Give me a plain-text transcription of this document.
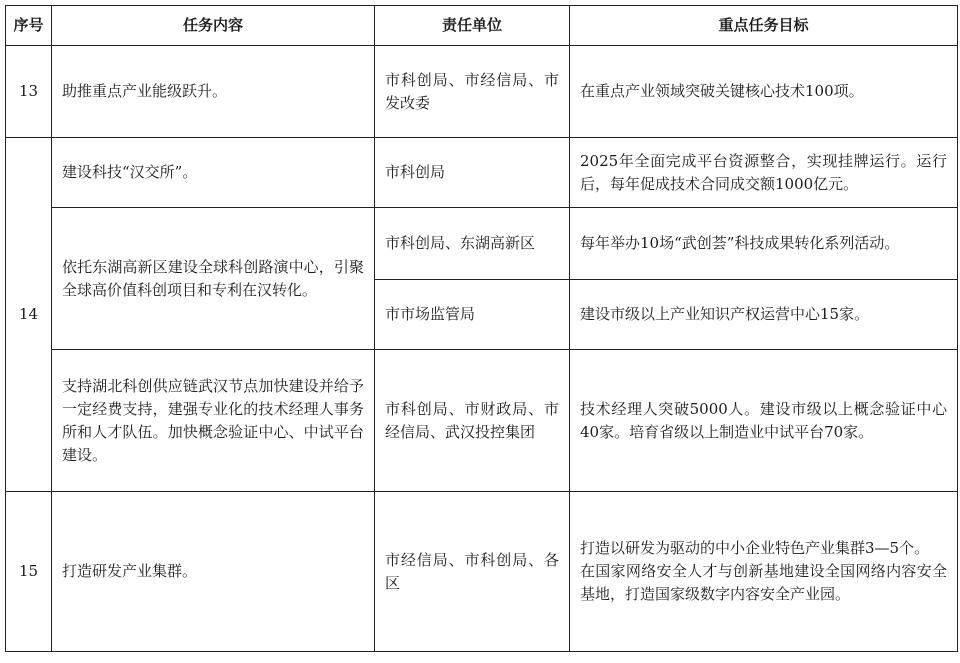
序号	任务内容	责任单位	重点任务目标
13	助推重点产业能级跃升。	市科创局、市经信局、市发改委	在重点产业领域突破关键核心技术100项。
14	建设科技“汉交所”。	市科创局	2025年全面完成平台资源整合，实现挂牌运行。运行后，每年促成技术合同成交额1000亿元。
	依托东湖高新区建设全球科创路演中心，引聚全球高价值科创项目和专利在汉转化。	市科创局、东湖高新区	每年举办10场“武创荟”科技成果转化系列活动。
		市市场监管局	建设市级以上产业知识产权运营中心15家。
	支持湖北科创供应链武汉节点加快建设并给予一定经费支持，建强专业化的技术经理人事务所和人才队伍。加快概念验证中心、中试平台建设。	市科创局、市财政局、市经信局、武汉投控集团	技术经理人突破5000人。建设市级以上概念验证中心40家。培育省级以上制造业中试平台70家。
15	打造研发产业集群。	市经信局、市科创局、各区	打造以研发为驱动的中小企业特色产业集群3—5个。
在国家网络安全人才与创新基地建设全国网络内容安全基地，打造国家级数字内容安全产业园。
